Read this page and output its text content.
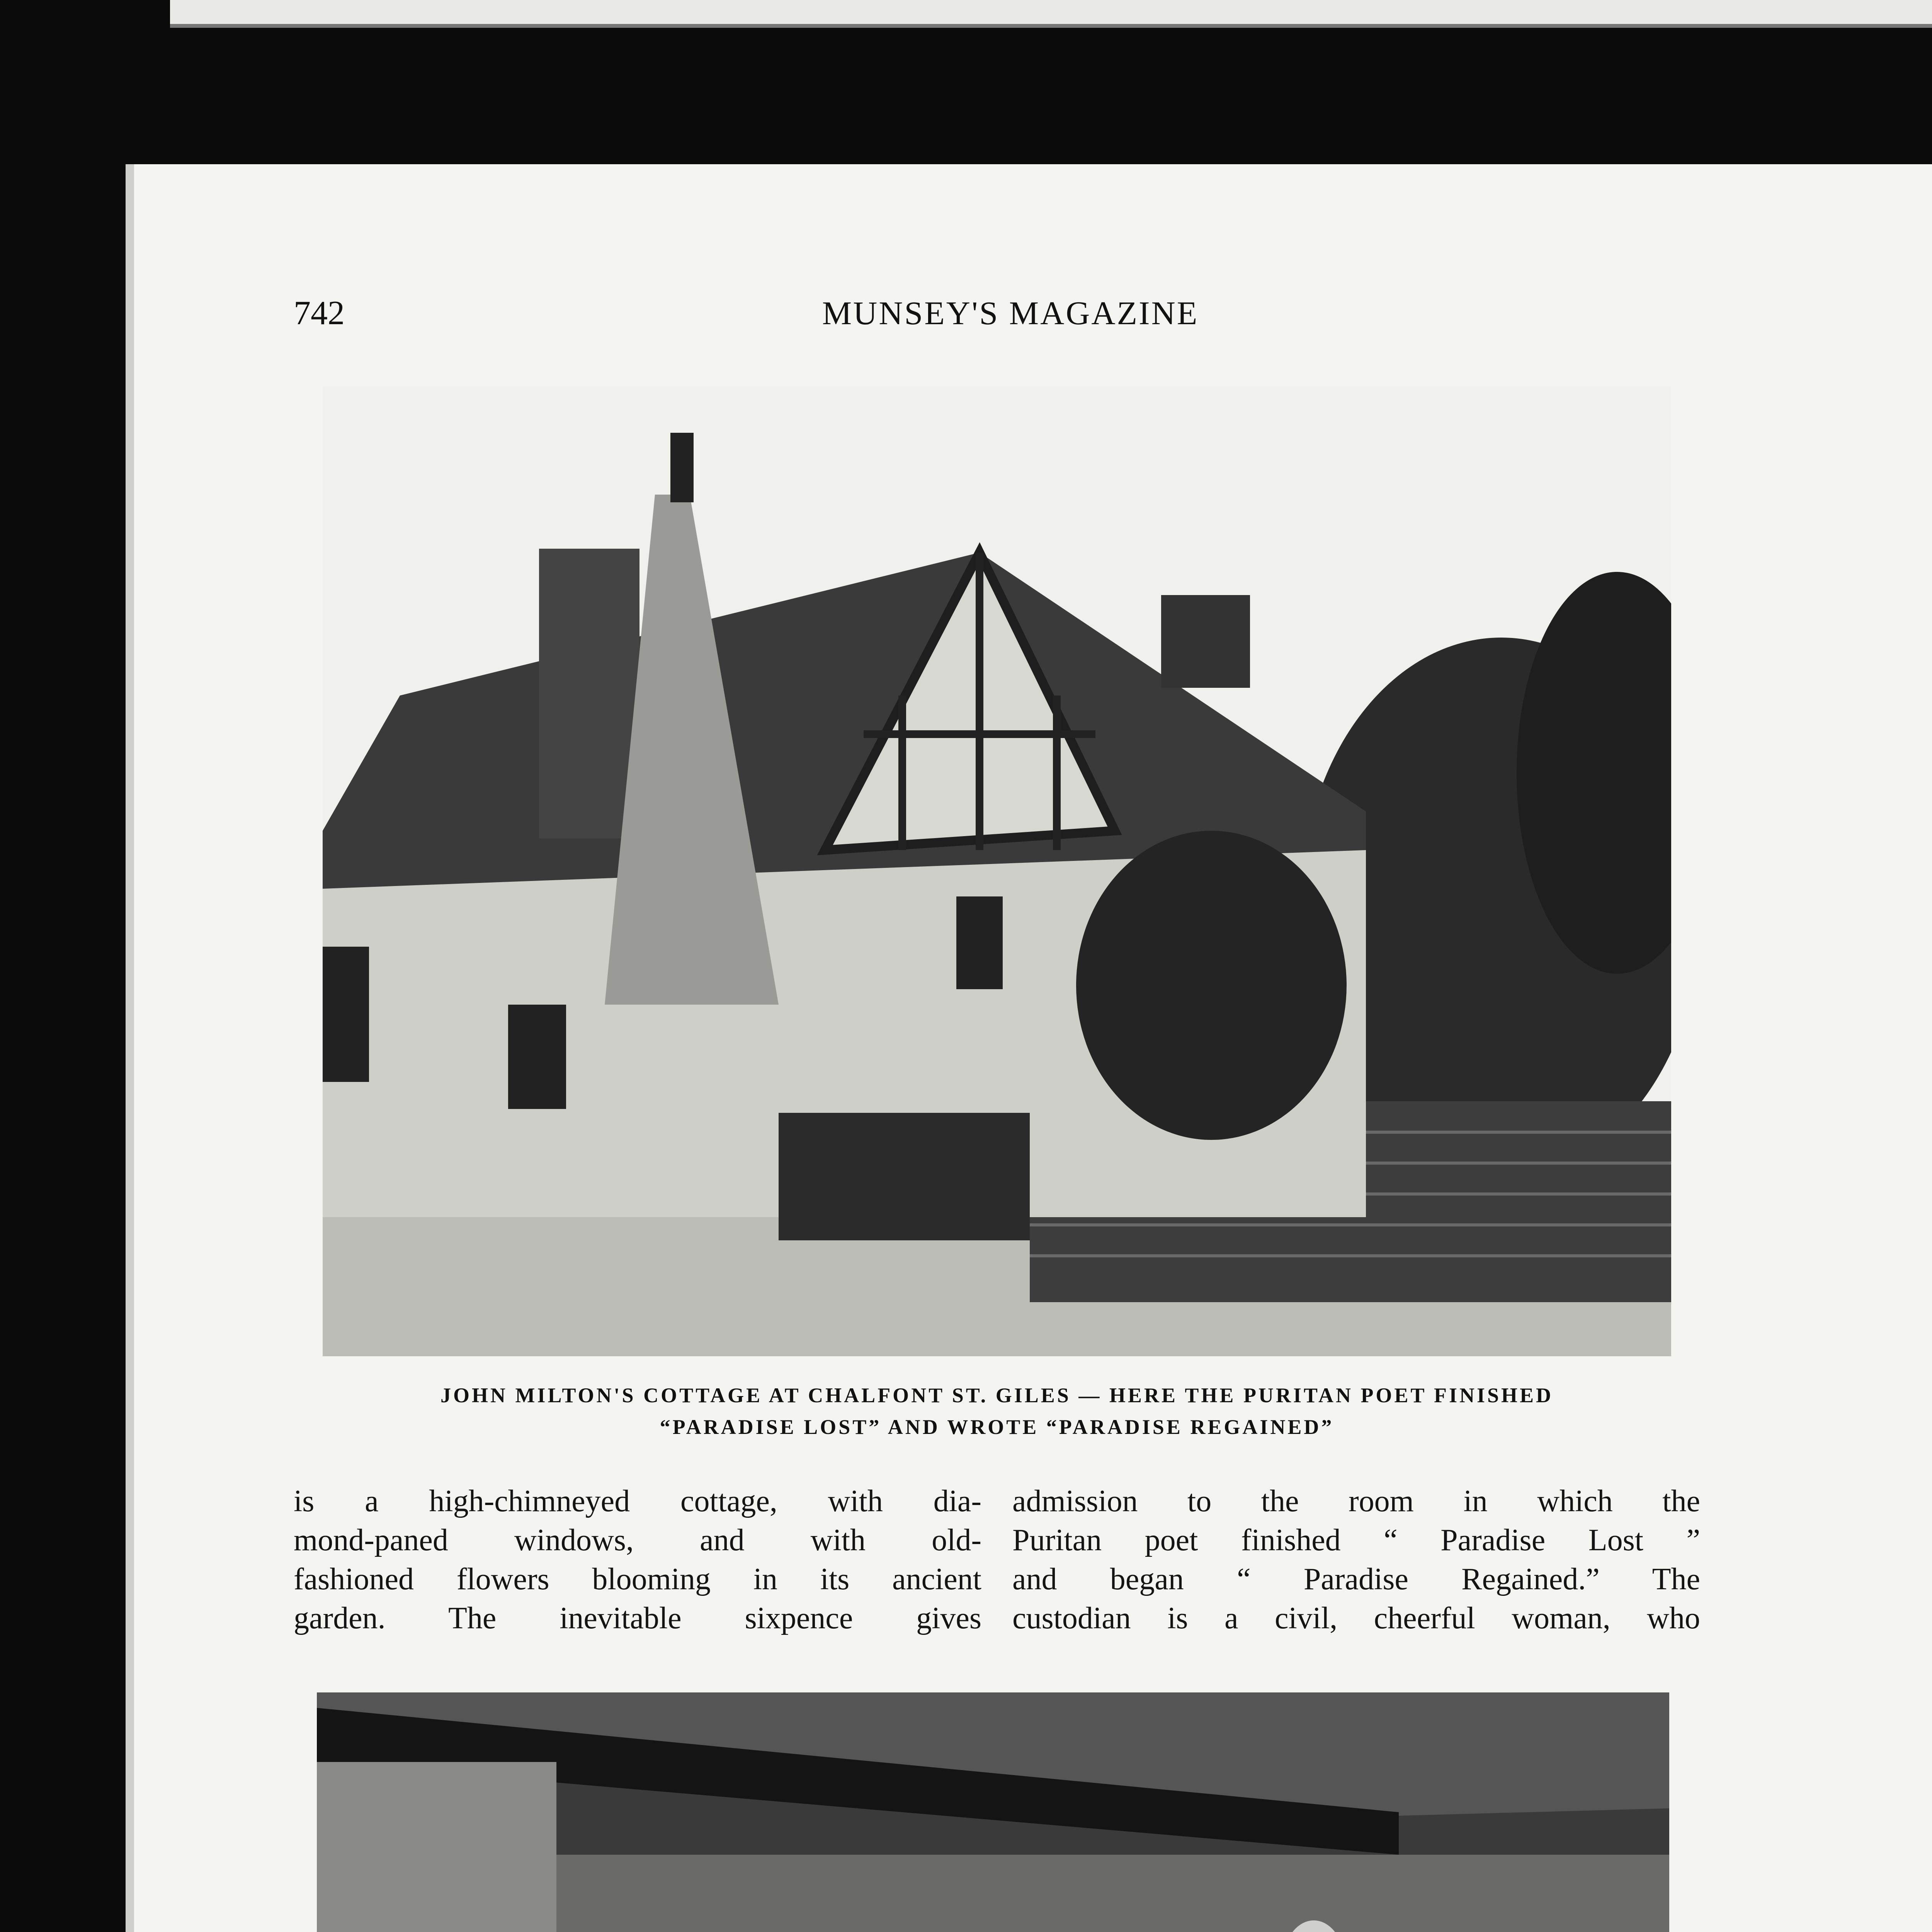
742	MUNSEY'S MAGAZINE
JOHN MILTON'S COTTAGE AT CHALFONT ST. GILES — HERE THE PURITAN POET FINISHED
“PARADISE LOST” AND WROTE “PARADISE REGAINED”
is a high-chimneyed cottage, with dia-
mond-paned windows, and with old-
fashioned flowers blooming in its ancient
garden. The inevitable sixpence gives
admission to the room in which the
Puritan poet finished “ Paradise Lost ”
and began “ Paradise Regained.” The
custodian is a civil, cheerful woman, who
